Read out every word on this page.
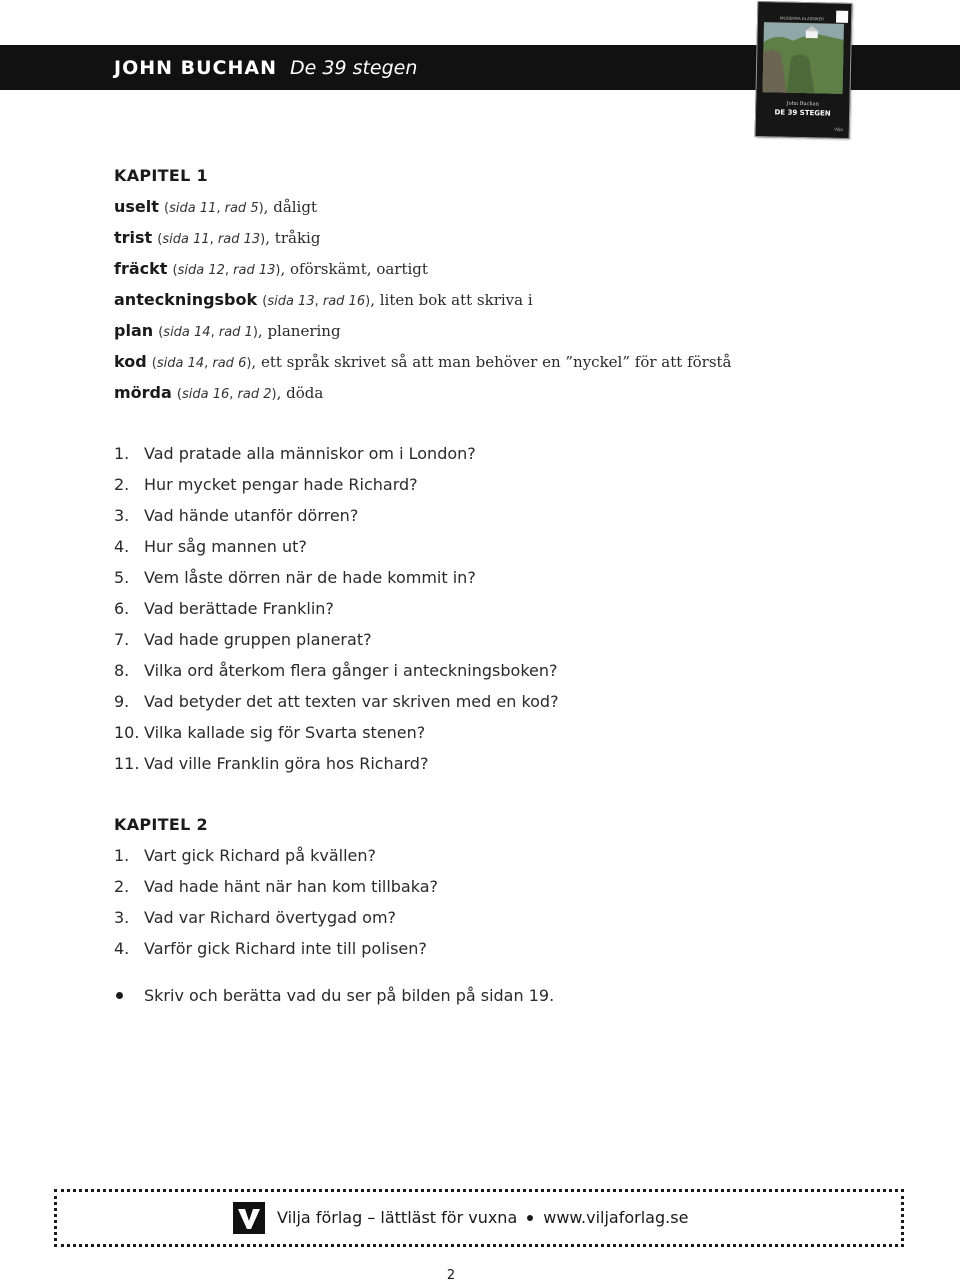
JOHN BUCHAN De 39 stegen
MODERNA KLASSIKER
John Buchan
DE 39 STEGEN
Vilja
KAPITEL 1
uselt (sida 11, rad 5), dåligt
trist (sida 11, rad 13), tråkig
fräckt (sida 12, rad 13), oförskämt, oartigt
anteckningsbok (sida 13, rad 16), liten bok att skriva i
plan (sida 14, rad 1), planering
kod (sida 14, rad 6), ett språk skrivet så att man behöver en ”nyckel” för att förstå
mörda (sida 16, rad 2), döda
1. Vad pratade alla människor om i London?
2. Hur mycket pengar hade Richard?
3. Vad hände utanför dörren?
4. Hur såg mannen ut?
5. Vem låste dörren när de hade kommit in?
6. Vad berättade Franklin?
7. Vad hade gruppen planerat?
8. Vilka ord återkom flera gånger i anteckningsboken?
9. Vad betyder det att texten var skriven med en kod?
10. Vilka kallade sig för Svarta stenen?
11. Vad ville Franklin göra hos Richard?
KAPITEL 2
1. Vart gick Richard på kvällen?
2. Vad hade hänt när han kom tillbaka?
3. Vad var Richard övertygad om?
4. Varför gick Richard inte till polisen?
Skriv och berätta vad du ser på bilden på sidan 19.
Vilja förlag – lättläst för vuxna www.viljaforlag.se
2
